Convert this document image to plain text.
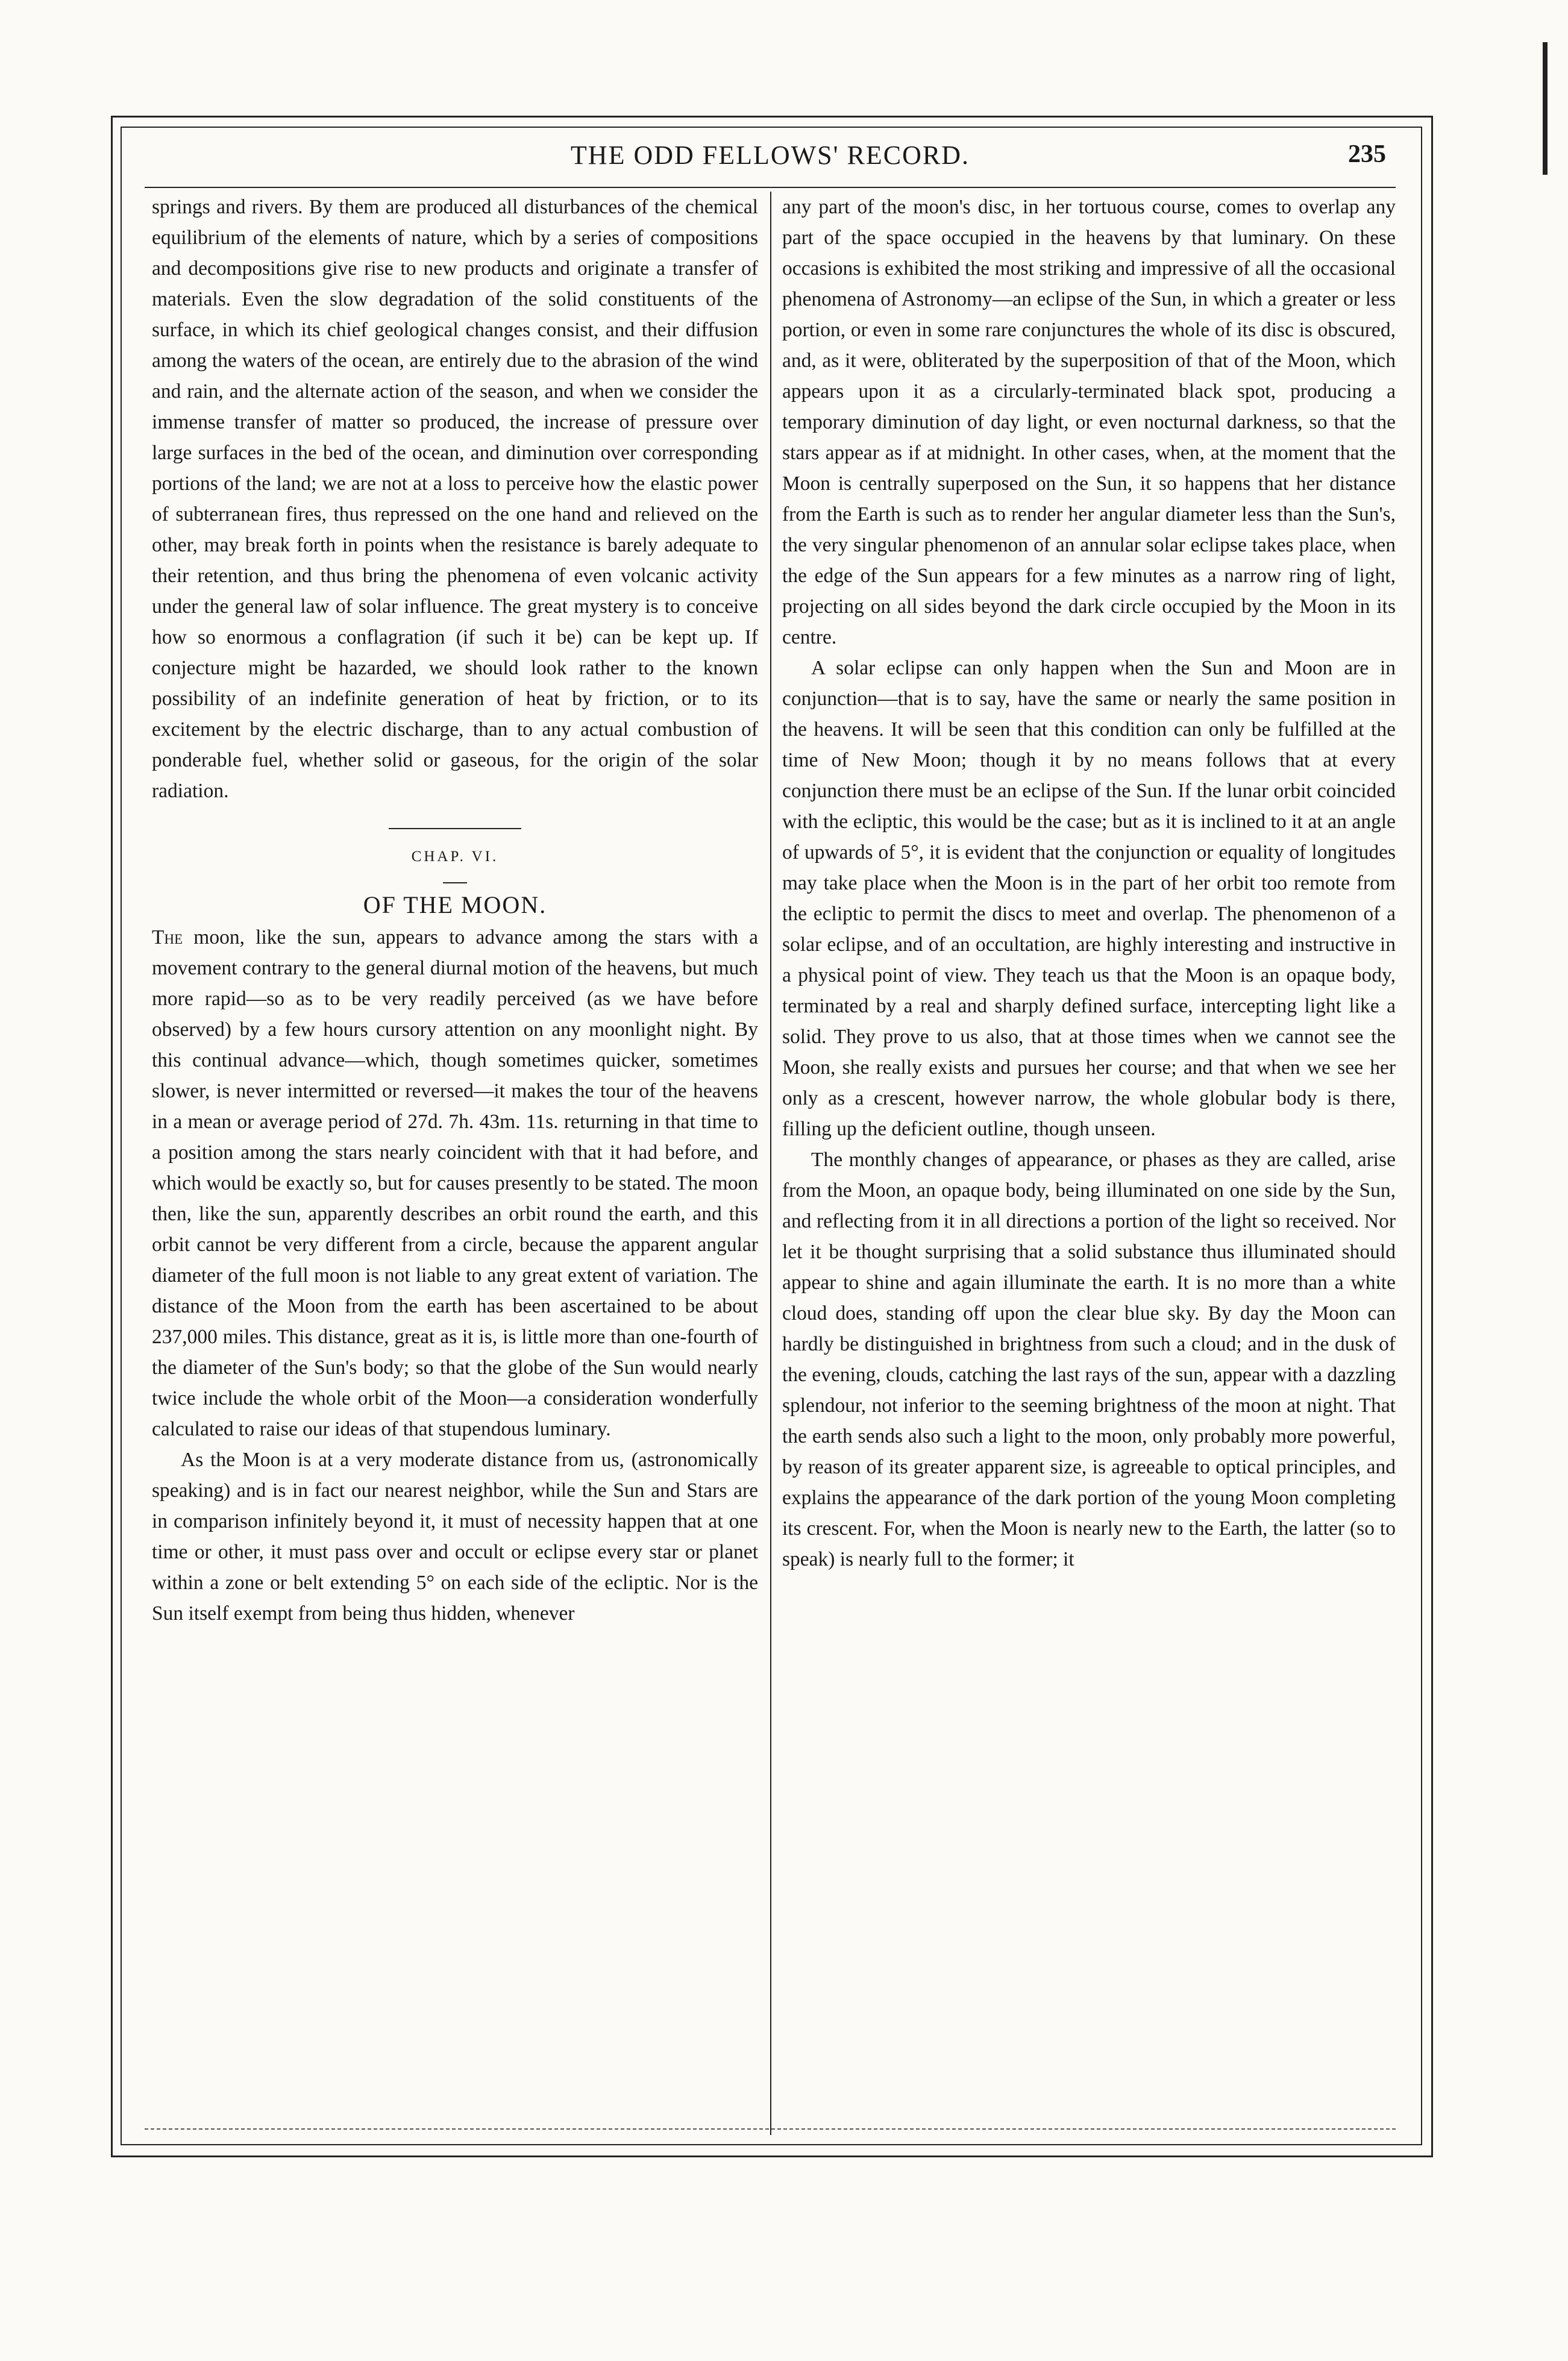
THE ODD FELLOWS' RECORD.	235

springs and rivers. By them are produced all disturbances of the chemical equilibrium of the elements of nature, which by a series of compositions and decompositions give rise to new products and originate a transfer of materials. Even the slow degradation of the solid constituents of the surface, in which its chief geological changes consist, and their diffusion among the waters of the ocean, are entirely due to the abrasion of the wind and rain, and the alternate action of the season, and when we consider the immense transfer of matter so produced, the increase of pressure over large surfaces in the bed of the ocean, and diminution over corresponding portions of the land; we are not at a loss to perceive how the elastic power of subterranean fires, thus repressed on the one hand and relieved on the other, may break forth in points when the resistance is barely adequate to their retention, and thus bring the phenomena of even volcanic activity under the general law of solar influence. The great mystery is to conceive how so enormous a conflagration (if such it be) can be kept up. If conjecture might be hazarded, we should look rather to the known possibility of an indefinite generation of heat by friction, or to its excitement by the electric discharge, than to any actual combustion of ponderable fuel, whether solid or gaseous, for the origin of the solar radiation.

CHAP. VI.

OF THE MOON.

The moon, like the sun, appears to advance among the stars with a movement contrary to the general diurnal motion of the heavens, but much more rapid—so as to be very readily perceived (as we have before observed) by a few hours cursory attention on any moonlight night. By this continual advance—which, though sometimes quicker, sometimes slower, is never intermitted or reversed—it makes the tour of the heavens in a mean or average period of 27d. 7h. 43m. 11s. returning in that time to a position among the stars nearly coincident with that it had before, and which would be exactly so, but for causes presently to be stated. The moon then, like the sun, apparently describes an orbit round the earth, and this orbit cannot be very different from a circle, because the apparent angular diameter of the full moon is not liable to any great extent of variation. The distance of the Moon from the earth has been ascertained to be about 237,000 miles. This distance, great as it is, is little more than one-fourth of the diameter of the Sun's body; so that the globe of the Sun would nearly twice include the whole orbit of the Moon—a consideration wonderfully calculated to raise our ideas of that stupendous luminary.

As the Moon is at a very moderate distance from us, (astronomically speaking) and is in fact our nearest neighbor, while the Sun and Stars are in comparison infinitely beyond it, it must of necessity happen that at one time or other, it must pass over and occult or eclipse every star or planet within a zone or belt extending 5° on each side of the ecliptic. Nor is the Sun itself exempt from being thus hidden, whenever

any part of the moon's disc, in her tortuous course, comes to overlap any part of the space occupied in the heavens by that luminary. On these occasions is exhibited the most striking and impressive of all the occasional phenomena of Astronomy—an eclipse of the Sun, in which a greater or less portion, or even in some rare conjunctures the whole of its disc is obscured, and, as it were, obliterated by the superposition of that of the Moon, which appears upon it as a circularly-terminated black spot, producing a temporary diminution of day light, or even nocturnal darkness, so that the stars appear as if at midnight. In other cases, when, at the moment that the Moon is centrally superposed on the Sun, it so happens that her distance from the Earth is such as to render her angular diameter less than the Sun's, the very singular phenomenon of an annular solar eclipse takes place, when the edge of the Sun appears for a few minutes as a narrow ring of light, projecting on all sides beyond the dark circle occupied by the Moon in its centre.

A solar eclipse can only happen when the Sun and Moon are in conjunction—that is to say, have the same or nearly the same position in the heavens. It will be seen that this condition can only be fulfilled at the time of New Moon; though it by no means follows that at every conjunction there must be an eclipse of the Sun. If the lunar orbit coincided with the ecliptic, this would be the case; but as it is inclined to it at an angle of upwards of 5°, it is evident that the conjunction or equality of longitudes may take place when the Moon is in the part of her orbit too remote from the ecliptic to permit the discs to meet and overlap. The phenomenon of a solar eclipse, and of an occultation, are highly interesting and instructive in a physical point of view. They teach us that the Moon is an opaque body, terminated by a real and sharply defined surface, intercepting light like a solid. They prove to us also, that at those times when we cannot see the Moon, she really exists and pursues her course; and that when we see her only as a crescent, however narrow, the whole globular body is there, filling up the deficient outline, though unseen.

The monthly changes of appearance, or phases as they are called, arise from the Moon, an opaque body, being illuminated on one side by the Sun, and reflecting from it in all directions a portion of the light so received. Nor let it be thought surprising that a solid substance thus illuminated should appear to shine and again illuminate the earth. It is no more than a white cloud does, standing off upon the clear blue sky. By day the Moon can hardly be distinguished in brightness from such a cloud; and in the dusk of the evening, clouds, catching the last rays of the sun, appear with a dazzling splendour, not inferior to the seeming brightness of the moon at night. That the earth sends also such a light to the moon, only probably more powerful, by reason of its greater apparent size, is agreeable to optical principles, and explains the appearance of the dark portion of the young Moon completing its crescent. For, when the Moon is nearly new to the Earth, the latter (so to speak) is nearly full to the former; it
